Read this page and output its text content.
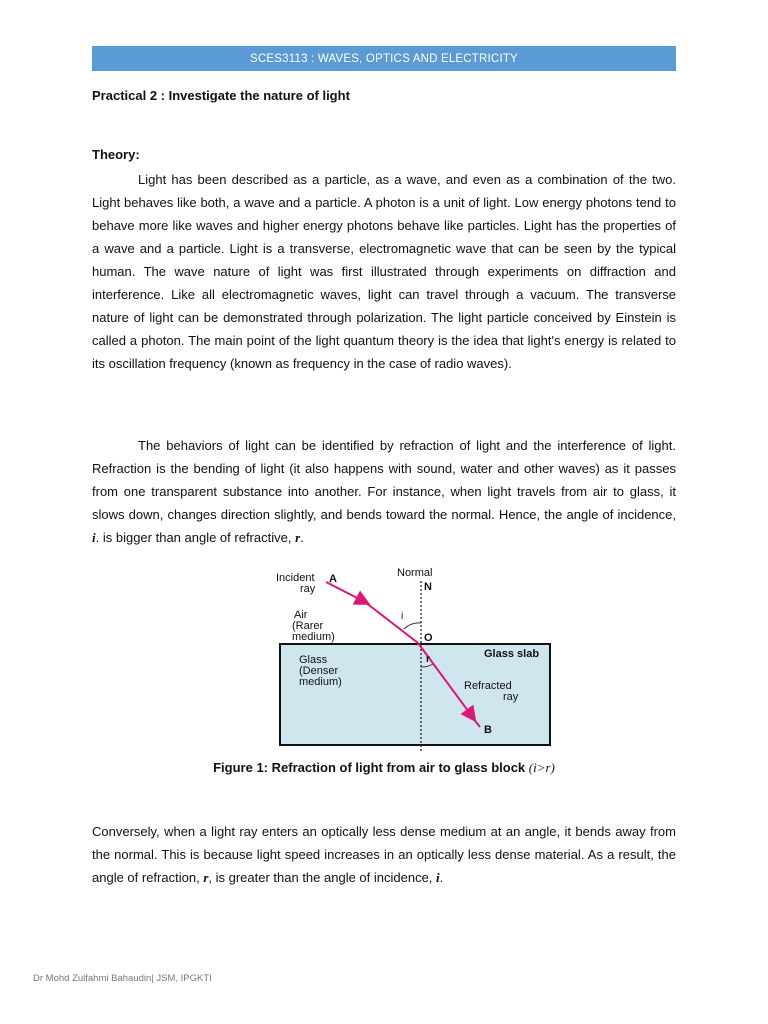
SCES3113 : WAVES, OPTICS AND ELECTRICITY
Practical 2 : Investigate the nature of light
Theory:

Light has been described as a particle, as a wave, and even as a combination of the two. Light behaves like both, a wave and a particle. A photon is a unit of light. Low energy photons tend to behave more like waves and higher energy photons behave like particles. Light has the properties of a wave and a particle. Light is a transverse, electromagnetic wave that can be seen by the typical human. The wave nature of light was first illustrated through experiments on diffraction and interference. Like all electromagnetic waves, light can travel through a vacuum. The transverse nature of light can be demonstrated through polarization. The light particle conceived by Einstein is called a photon. The main point of the light quantum theory is the idea that light's energy is related to its oscillation frequency (known as frequency in the case of radio waves).

The behaviors of light can be identified by refraction of light and the interference of light. Refraction is the bending of light (it also happens with sound, water and other waves) as it passes from one transparent substance into another. For instance, when light travels from air to glass, it slows down, changes direction slightly, and bends toward the normal. Hence, the angle of incidence, i. is bigger than angle of refractive, r.

Incident
ray
A	Normal
N
Air
(Rarer
medium)
i
O
Glass
(Denser
medium)
Glass slab
r
Refracted
ray
B
Figure 1: Refraction of light from air to glass block (i>r)

Conversely, when a light ray enters an optically less dense medium at an angle, it bends away from the normal. This is because light speed increases in an optically less dense material. As a result, the angle of refraction, r, is greater than the angle of incidence, i.

Dr Mohd Zulfahmi Bahaudin| JSM, IPGKTI
